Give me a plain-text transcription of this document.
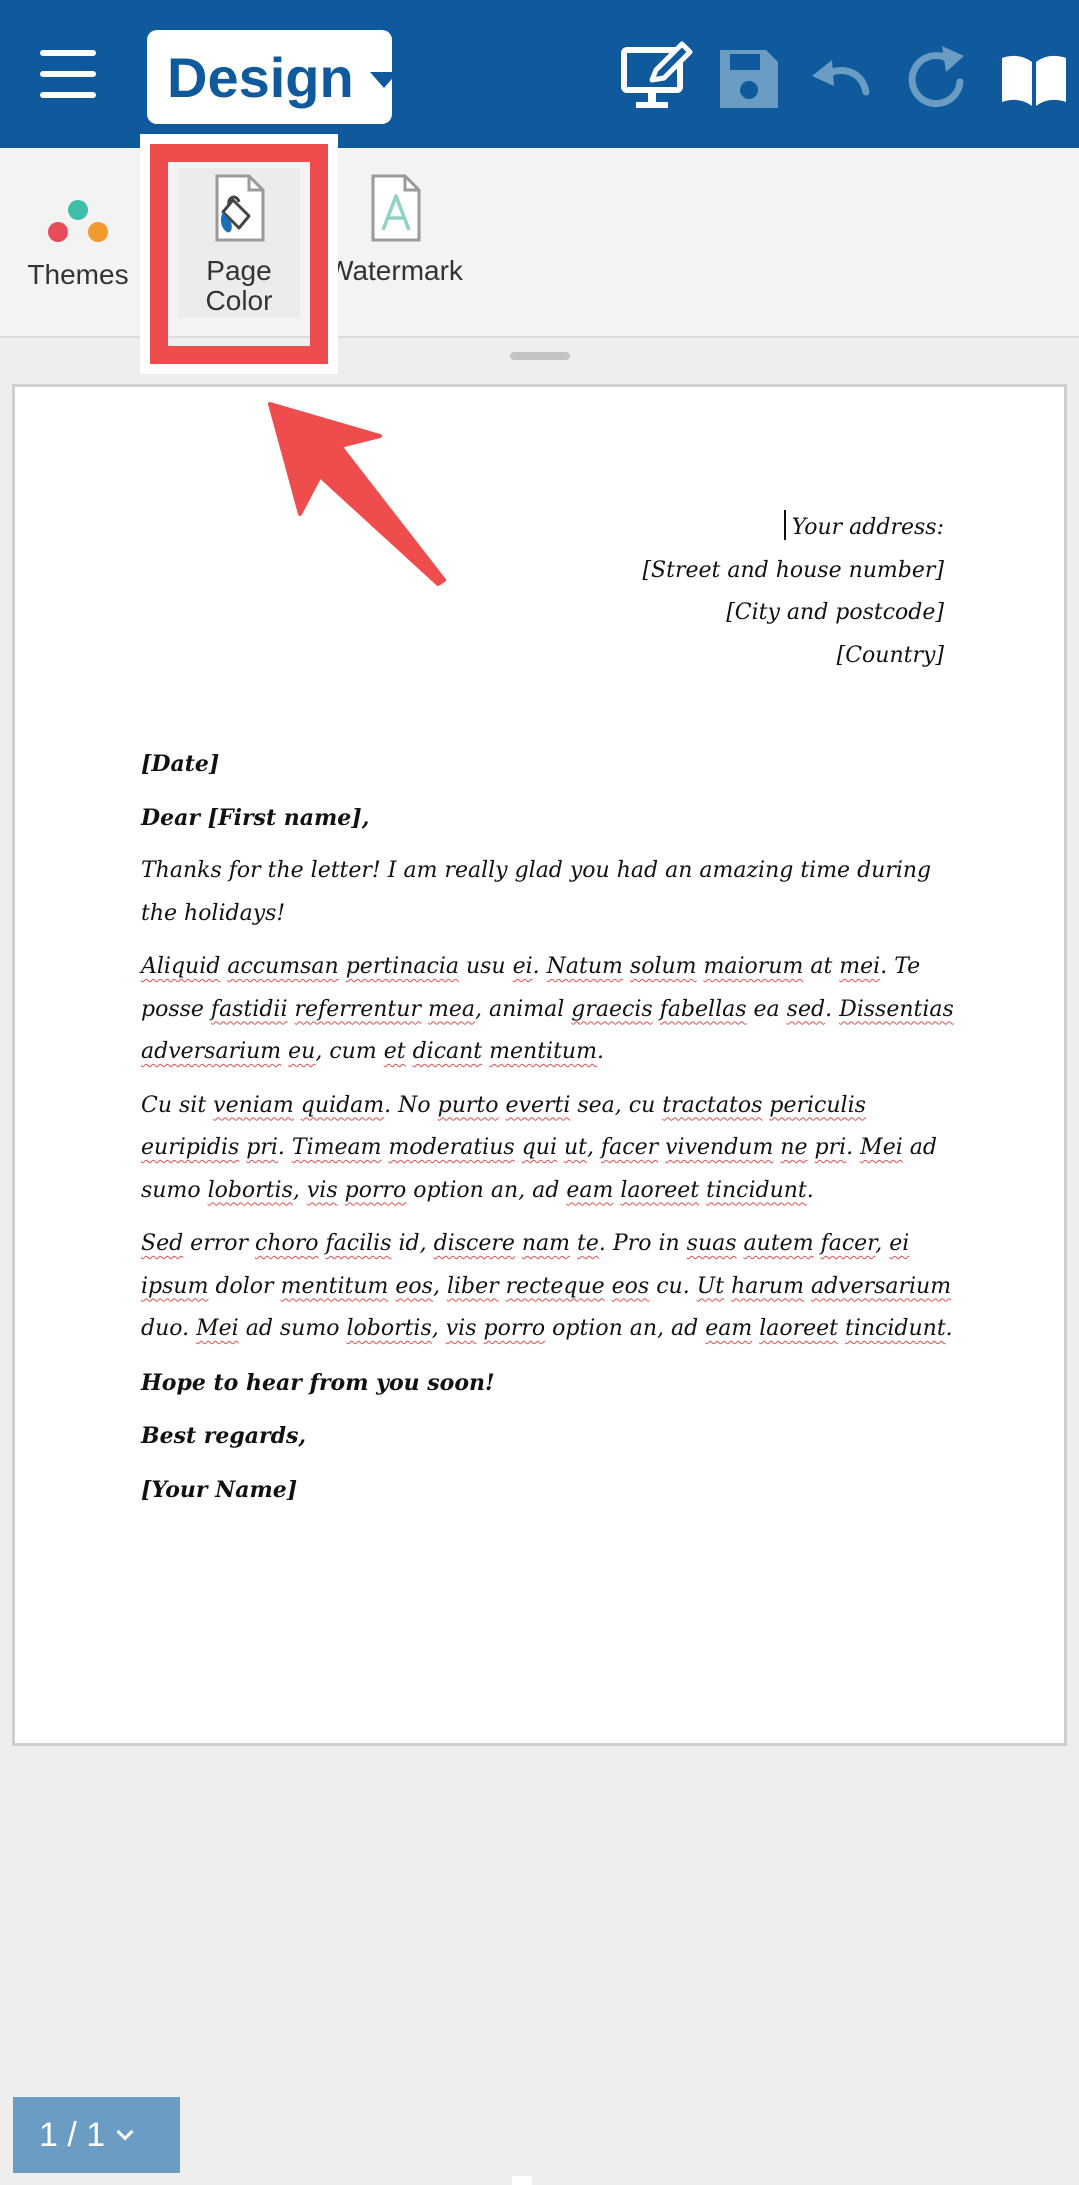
Design
Themes	Page
Color
Watermark
Your address:
[Street and house number]
[City and postcode]
[Country]
[Date]
Dear [First name],
Thanks for the letter! I am really glad you had an amazing time during the holidays!
Aliquid accumsan pertinacia usu ei. Natum solum maiorum at mei. Te posse fastidii referrentur mea, animal graecis fabellas ea sed. Dissentias adversarium eu, cum et dicant mentitum.
Cu sit veniam quidam. No purto everti sea, cu tractatos periculis euripidis pri. Timeam moderatius qui ut, facer vivendum ne pri. Mei ad sumo lobortis, vis porro option an, ad eam laoreet tincidunt.
Sed error choro facilis id, discere nam te. Pro in suas autem facer, ei ipsum dolor mentitum eos, liber recteque eos cu. Ut harum adversarium duo. Mei ad sumo lobortis, vis porro option an, ad eam laoreet tincidunt.
Hope to hear from you soon!
Best regards,
[Your Name]
1 / 1
